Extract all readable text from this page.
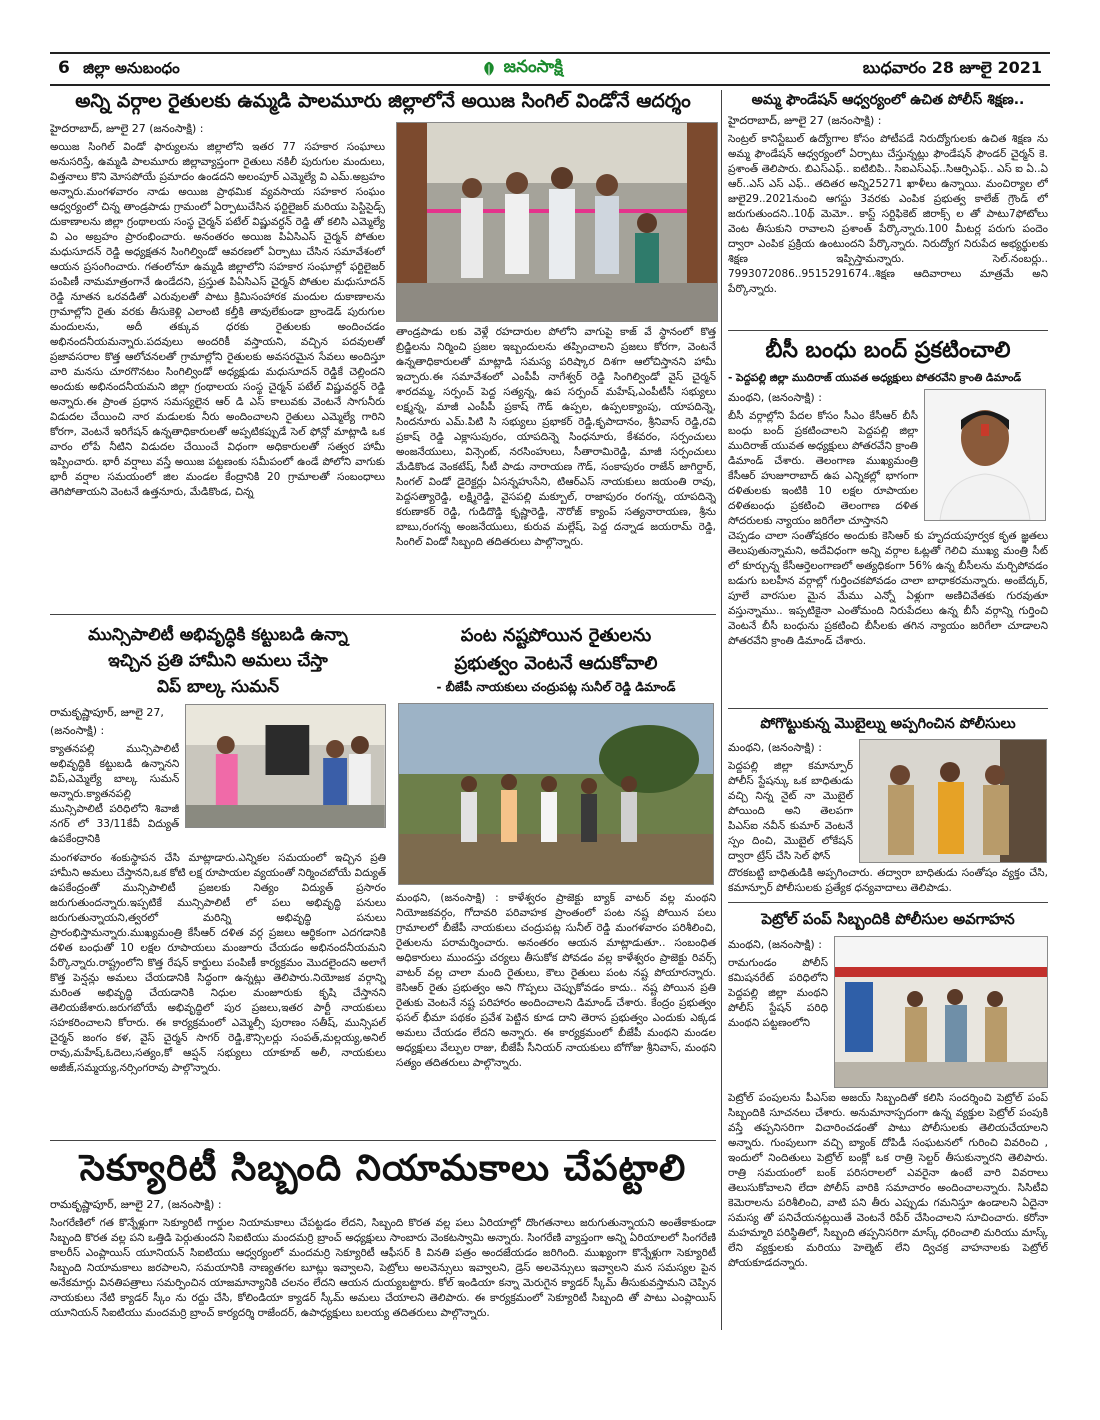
6 జిల్లా అనుబంధం	జనంసాక్షి	బుధవారం 28 జూలై 2021
అన్ని వర్గాల రైతులకు ఉమ్మడి పాలమూరు జిల్లాలోనే అయిజ సింగిల్ విండోనే ఆదర్శం
హైదరాబాద్, జూలై 27 (జనంసాక్షి) :
అయిజ సింగిల్ విండో ఫార్యులను జిల్లాలోని ఇతర 77 సహకార సంఘాలు అనుసరిస్తే, ఉమ్మడి పాలమూరు జిల్లావ్యాప్తంగా రైతులు నకిలీ పురుగుల మందులు, విత్తనాలు కొని మోసపోయే ప్రమాదం ఉండదని అలంపూర్ ఎమ్మెల్యే వి ఎమ్.అబ్రహం అన్నారు.మంగళవారం నాడు అయిజ ప్రాథమిక వ్యవసాయ సహకార సంఘం ఆధ్వర్యంలో చిన్న తాండ్రపాడు గ్రామంలో ఏర్పాటుచేసిన ఫర్టిలైజర్ మరియు పెస్టిసైడ్స్ దుకాణాలను జిల్లా గ్రంథాలయ సంస్థ చైర్మన్ పటేల్ విష్ణువర్ధన్ రెడ్డి తో కలిసి ఎమ్మెల్యే వి ఎం అబ్రహం ప్రారంభించారు. అనంతరం అయిజ పిఏసిఎస్ చైర్మన్ పోతుల మధుసూదన్ రెడ్డి అధ్యక్షతన సింగిల్విండో ఆవరణలో ఏర్పాటు చేసిన సమావేశంలో ఆయన ప్రసంగించారు. గతంలోనూ ఉమ్మడి జిల్లాలోని సహకార సంఘాల్లో ఫర్టిలైజర్ పంపిణీ నామమాత్రంగానే ఉండేదని, ప్రస్తుత పిఏసిఎస్ చైర్మన్ పోతుల మధుసూదన్ రెడ్డి నూతన ఒరవడితో ఎరువులతో పాటు క్రిమిసంహారక మందుల దుకాణాలను గ్రామాల్లోని రైతు వరకు తీసుకెళ్లి ఎలాంటి కల్తీకి తావులేకుండా బ్రాండెడ్ పురుగుల మందులను, అదీ తక్కువ ధరకు రైతులకు అందించడం అభినందనీయమన్నారు.పదవులు అందరికీ వస్తాయని, వచ్చిన పదవులతో ప్రజావసరాల కొత్త ఆలోచనలతో గ్రామాల్లోని రైతులకు అవసరమైన సేవలు అందిస్తూ వారి మనసు చూరగొనటం సింగిల్విండో అధ్యక్షుడు మధుసూదన్ రెడ్డికే చెల్లిందని అందుకు అభినందనీయమని జిల్లా గ్రంథాలయ సంస్థ చైర్మన్ పటేల్ విష్ణువర్ధన్ రెడ్డి అన్నారు.ఈ ప్రాంత ప్రధాన సమస్యలైన ఆర్ డి ఎస్ కాలువకు వెంటనే సాగునీరు విడుదల చేయించి నార మడులకు నీరు అందించాలని రైతులు ఎమ్మెల్యే గారిని కోరగా, వెంటనే ఇరిగేషన్ ఉన్నతాధికారులతో అప్పటికప్పుడే సెల్ ఫోన్లో మాట్లాడి ఒక వారం లోపే నీటిని విడుదల చేయించే విధంగా అధికారులతో సత్వర హామీ ఇప్పించారు. భారీ వర్షాలు వస్తే అయిజ పట్టణంకు సమీపంలో ఉండే పోలోని వాగుకు భారీ వర్షాల సమయంలో జిల మండల కేంద్రానికి 20 గ్రామాలతో సంబంధాలు తెగిపోతాయని వెంటనే ఉత్తనూరు, మేడికొండ, చిన్న
తాండ్రపాడు లకు వెళ్లే రహదారుల పోలోని వాగుపై కాజ్ వే స్థానంలో కొత్త బ్రిడ్జిలను నిర్మించి ప్రజల ఇబ్బందులను తప్పించాలని ప్రజలు కోరగా, వెంటనే ఉన్నతాధికారులతో మాట్లాడి సమస్య పరిష్కార దిశగా ఆలోచిస్తానని హామీ ఇచ్చారు.ఈ సమావేశంలో ఎంపీపీ నాగేశ్వర్ రెడ్డి సింగిల్విండో వైస్ చైర్మన్ శారదమ్మ, సర్పంచ్ పెద్ద సత్యన్న, ఉప సర్పంచ్ మహేష్,ఎంపీటీసీ సభ్యులు లక్ష్మన్న, మాజీ ఎంపీపీ ప్రకాష్ గౌడ్ ఉప్పల, ఉప్పలక్యాంపు, యాపదిన్నె, సిందనూరు ఎమ్.పిటి సి సభ్యులు ప్రభాకర్ రెడ్డి,కృపాదానం, శ్రీనివాస్ రెడ్డి,రవి ప్రకాష్ రెడ్డి ఎక్లాసుపురం, యాపదిన్నె సింధనూరు, కేశవరం, సర్పంచులు అంజనేయులు, విన్సెంట్, నరసింహులు, సీతారామిరెడ్డి, మాజీ సర్పంచులు మేడికొండ వెంకటేష్, సీటీ పాడు నారాయణ గౌడ్, సంకాపురం రాజేన్ జాగిర్దార్, సింగల్ విండో డైరెక్టర్లు ఏసన్నహుసేని, టిఆర్ఎస్ నాయకులు జయంతి రావు, పెద్దసత్యారెడ్డి, లక్ష్మిరెడ్డి, వైసపల్లి మక్బూల్, రాజాపురం రంగన్న, యాపదిన్నె కరుణాకర్ రెడ్డి, గుడిదొడ్డి కృష్ణారెడ్డి, నౌరోజ్ క్యాంప్ సత్యనారాయణ, శ్రీను బాబు,రంగన్న అంజనేయులు, కురువ మల్లేష్, పెద్ద దన్నాడ జయరామ్ రెడ్డి, సింగిల్ విండో సిబ్బంది తదితరులు పాల్గొన్నారు.
మున్సిపాలిటీ అభివృద్ధికి కట్టుబడి ఉన్నా
ఇచ్చిన ప్రతి హామీని అమలు చేస్తా
విప్ బాల్క సుమన్
రామకృష్ణాపూర్, జూలై 27,
(జనంసాక్షి) :
క్యాతనపల్లి మున్సిపాలిటీ అభివృద్ధికి కట్టుబడి ఉన్నానని విప్,ఎమ్మెల్యే బాల్క సుమన్ అన్నారు.క్యాతనపల్లి మున్సిపాలిటీ పరిధిలోని శివాజీ నగర్ లో 33/11కేవీ విద్యుత్ ఉపకేంద్రానికి
మంగళవారం శంకుస్థాపన చేసి మాట్లాడారు.ఎన్నికల సమయంలో ఇచ్చిన ప్రతి హామీని అమలు చేస్తానని,ఒక కోటి లక్ష రూపాయల వ్యయంతో నిర్మించబోయే విద్యుత్ ఉపకేంద్రంతో మున్సిపాలిటీ ప్రజలకు నిత్యం విద్యుత్ ప్రసారం జరుగుతుందన్నారు.ఇప్పటికే మున్సిపాలిటీ లో పలు అభివృద్ధి పనులు జరుగుతున్నాయని,త్వరలో మరిన్ని అభివృద్ధి పనులు ప్రారంభిస్తామన్నారు.ముఖ్యమంత్రి కేసీఆర్ దళిత వర్గ ప్రజలు ఆర్థికంగా ఎదగడానికి దళిత బంధుతో 10 లక్షల రూపాయలు మంజూరు చేయడం అభినందనీయమని పేర్కొన్నారు.రాష్ట్రంలోని కొత్త రేషన్ కార్డులు పంపిణీ కార్యక్రమం మొదలైందని అలాగే కొత్త పెన్షన్లు అమలు చేయడానికి సిద్ధంగా ఉన్నట్లు తెలిపారు.నియోజక వర్గాన్ని మరింత అభివృద్ధి చేయడానికి నిధుల మంజూరుకు కృషి చేస్తానని తెలియజేశారు.జరుగబోయే అభివృద్ధిలో పుర ప్రజలు,ఇతర పార్టీ నాయకులు సహకరించాలని కోరారు. ఈ కార్యక్రమంలో ఎమ్మెల్సీ పురాణం సతీష్, మున్సిపల్ చైర్మన్ జంగం కళ, వైస్ చైర్మన్ సాగర్ రెడ్డి,కౌన్సిలర్లు సంపత్,మల్లయ్య,అనిల్ రావు,మహేష్,ఓదెలు,సత్యం,కో ఆప్షన్ సభ్యులు యాకూబ్ అలీ, నాయకులు అజీజ్,సమ్మయ్య,నర్సింగరావు పాల్గొన్నారు.
పంట నష్టపోయిన రైతులను
ప్రభుత్వం వెంటనే ఆదుకోవాలి
- బీజేపీ నాయకులు చంద్రుపట్ల సునీల్ రెడ్డి డిమాండ్
మంథని, (జనంసాక్షి) : కాళేశ్వరం ప్రాజెక్టు బ్యాక్ వాటర్ వల్ల మంథని నియోజకవర్గం, గోదావరి పరివాహక ప్రాంతంలో పంట నష్ట పోయిన పలు గ్రామాలలో బీజేపీ నాయకులు చంద్రుపట్ల సునీల్ రెడ్డి మంగళవారం పరిశీలించి, రైతులను పరామర్శించారు. అనంతరం ఆయన మాట్లాడుతూ.. సంబంధిత అధికారులు ముందస్తు చర్యలు తీసుకోక పోవడం వల్ల కాళేశ్వరం ప్రాజెక్టు రివర్స్ వాటర్ వల్ల చాలా మంది రైతులు, కౌలు రైతులు పంట నష్ట పోయారన్నారు. కెసిఆర్ రైతు ప్రభుత్వం అని గొప్పలు చెప్పుకోవడం కాదు.. నష్ట పోయిన ప్రతి రైతుకు వెంటనే నష్ట పరిహారం అందించాలని డిమాండ్ చేశారు. కేంద్రం ప్రభుత్వం ఫసల్ భీమా పథకం ప్రవేశ పెట్టిన కూడ దాని తెరాస ప్రభుత్వం ఎందుకు ఎక్కడ అమలు చేయడం లేదని అన్నారు. ఈ కార్యక్రమంలో బీజేపీ మంథని మండల అధ్యక్షులు వేల్పుల రాజు, బీజేపీ సీనియర్ నాయకులు బోగోజు శ్రీనివాస్, మంథని సత్యం తదితరులు పాల్గొన్నారు.
సెక్యూరిటీ సిబ్బంది నియామకాలు చేపట్టాలి
రామకృష్ణాపూర్, జూలై 27, (జనంసాక్షి) :
సింగరేణిలో గత కొన్నేళ్లుగా సెక్యూరిటీ గార్డుల నియామకాలు చేపట్టడం లేదని, సిబ్బంది కొరత వల్ల పలు ఏరియాల్లో దొంగతనాలు జరుగుతున్నాయని అంతేకాకుండా సిబ్బంది కొరత వల్ల పని ఒత్తిడి పెర్గుతుందని సిఐటియు మందమర్రి బ్రాంచ్ అధ్యక్షులు సాంబారు వెంకటస్వామి అన్నారు. సింగరేణి వ్యాప్తంగా అన్ని ఏరియాలలో సింగరేణి కాలరీస్ ఎంప్లాయిస్ యూనియన్ సిఐటియు ఆధ్వర్యంలో మందమర్రి సెక్యూరిటీ ఆఫీసర్ కి వినతి పత్రం అందజేయడం జరిగింది. ముఖ్యంగా కొన్నేళ్లుగా సెక్యూరిటీ సిబ్బంది నియామకాలు జరపాలని, సమయానికి నాణ్యతగల బూట్లు ఇవ్వాలని, పెట్రోలు అలవెన్సులు ఇవ్వాలని, డ్రెస్ అలవెన్సులు ఇవ్వాలని మన సమస్యల పైన అనేకమార్లు వినతిపత్రాలు సమర్పించిన యాజమాన్యానికి చలనం లేదని ఆయన దుయ్యబట్టారు. కోల్ ఇండియా కన్నా మెరుగైన క్యాడర్ స్కీమ్ తీసుకువస్తామని చెప్పిన నాయకులు నేటి క్యాడర్ స్కీం ను రద్దు చేసి, కోలిండియా క్యాడర్ స్కీమ్ అమలు చేయాలని తెలిపారు. ఈ కార్యక్రమంలో సెక్యూరిటీ సిబ్బంది తో పాటు ఎంప్లాయిస్ యూనియన్ సిఐటియు మందమర్రి బ్రాంచ్ కార్యదర్శి రాజేందర్, ఉపాధ్యక్షులు బలయ్య తదితరులు పాల్గొన్నారు.
అమ్మ ఫౌండేషన్ ఆధ్వర్యంలో ఉచిత పోలీస్ శిక్షణ..
హైదరాబాద్, జూలై 27 (జనంసాక్షి) :
సెంట్రల్ కానిస్టేబుల్ ఉద్యోగాల కోసం పోటీపడే నిరుద్యోగులకు ఉచిత శిక్షణ ను అమ్మ ఫౌండేషన్ ఆధ్వర్యంలో ఏర్పాటు చేస్తున్నట్లు ఫౌండేషన్ ఫౌండర్ చైర్మన్ కె. ప్రశాంత్ తెలిపారు. బిఎస్ఎఫ్.. ఐటిబిపి.. సిఐఎస్ఎఫ్..సిఆర్పిఎఫ్.. ఎస్ ఐ ఏ..ఏ ఆర్..ఎస్ ఎస్ ఎఫ్.. తదితర అన్ని25271 ఖాళీలు ఉన్నాయి. మంచిర్యాల లో జులై29..2021నుంచి ఆగస్టు 3వరకు ఎంపిక ప్రభుత్వ కాలేజ్ గ్రౌండ్ లో జరుగుతుందని..10థ్ మెమో.. కాస్ట్ సర్టిఫికెట్ జిరాక్స్ ల తో పాటు7ఫోటోలు వెంట తీసుకుని రావాలని ప్రశాంత్ పేర్కొన్నారు.100 మీటర్ల పరుగు పందెం ద్వారా ఎంపిక ప్రక్రియ ఉంటుందని పేర్కొన్నారు. నిరుద్యోగ నిరుపేద అభ్యర్థులకు శిక్షణ ఇప్పిస్తామన్నారు. సెల్.నంబర్లు.. 7993072086..9515291674..శిక్షణ ఆదివారాలు మాత్రమే అని పేర్కొన్నారు.
బీసీ బంధు బంద్ ప్రకటించాలి
- పెద్దపల్లి జిల్లా ముదిరాజ్ యువత అధ్యక్షులు పోతరవేని క్రాంతి డిమాండ్
మంథని, (జనంసాక్షి) :
బీసీ వర్గాల్లోని పేదల కోసం సీఎం కేసీఆర్ బీసీ బంధు బంద్ ప్రకటించాలని పెద్దపల్లి జిల్లా ముదిరాజ్ యువత అధ్యక్షులు పోతరవేని క్రాంతి డిమాండ్ చేశారు. తెలంగాణ ముఖ్యమంత్రి కేసీఆర్ హుజూరాబాద్ ఉప ఎన్నికల్లో భాగంగా దళితులకు ఇంటికి 10 లక్షల రూపాయల దళితబంధు ప్రకటించి తెలంగాణ దళిత సోదరులకు న్యాయం జరిగేలా చూస్తానని
చెప్పడం చాలా సంతోషకరం అందుకు కెసిఆర్ కు హృదయపూర్వక కృత జ్ఞతలు తెలుపుతున్నామని, అదేవిధంగా అన్ని వర్గాల ఓట్లతో గెలిచి ముఖ్య మంత్రి సీట్ లో కూర్చున్న కేసీఆర్తెలంగాణలో అత్యధికంగా 56% ఉన్న బీసీలను మర్చిపోవడం బడుగు బలహీన వర్గాల్లో గుర్తించకపోవడం చాలా బాధాకరమన్నారు. అంబేద్కర్, పూలే వారసుల మైన మేము ఎన్నో ఏళ్లుగా అణిచివేతకు గురవుతూ వస్తున్నాము.. ఇప్పటికైనా ఎంతోమంది నిరుపేదలు ఉన్న బీసీ వర్గాన్ని గుర్తించి వెంటనే బీసీ బంధును ప్రకటించి బీసీలకు తగిన న్యాయం జరిగేలా చూడాలని పోతరవేని క్రాంతి డిమాండ్ చేశారు.
పోగొట్టుకున్న మొబైల్ను అప్పగించిన పోలీసులు
మంథని, (జనంసాక్షి) :
పెద్దపల్లి జిల్లా కమాన్పూర్ పోలీస్ స్టేషన్కు ఒక బాధితుడు వచ్చి నిన్న నైట్ నా మొబైల్ పోయింది అని తెలపగా పిఎస్ఐ నవీన్ కుమార్ వెంటనే స్పం దించి, మొబైల్ లోకేషన్ ద్వారా ట్రేస్ చేసి సెల్ ఫోన్
దొరకబట్టి బాధితుడికి అప్పగించారు. తద్వారా బాధితుడు సంతోషం వ్యక్తం చేసి, కమాన్పూర్ పోలీసులకు ప్రత్యేక ధన్యవాదాలు తెలిపాడు.
పెట్రోల్ పంప్ సిబ్బందికి పోలీసుల అవగాహన
మంథని, (జనంసాక్షి) :
రామగుండం పోలీస్ కమిషనరేట్ పరిధిలోని పెద్దపల్లి జిల్లా మంథని పోలీస్ స్టేషన్ పరిధి మంథని పట్టణంలోని
పెట్రోల్ పంపులను పీఎస్ఐ అజయ్ సిబ్బందితో కలిసి సందర్శించి పెట్రోల్ పంప్ సిబ్బందికి సూచనలు చేశారు. అనుమానాస్పదంగా ఉన్న వ్యక్తుల పెట్రోల్ పంపుకి వస్తే తప్పనిసరిగా విచారించడంతో పాటు పోలీసులకు తెలియచేయాలని అన్నారు. గుంపులుగా వచ్చి బ్యాంక్ దోపిడీ సంఘటనలో గురించి వివరించి , ఇందులో నిందితులు పెట్రోల్ బంక్లో ఒక రాత్రి సెల్టర్ తీసుకున్నారని తెలిపారు. రాత్రి సమయంలో బంక్ పరిసరాలలో ఎవరైనా ఉంటే వారి వివరాలు తెలుసుకోవాలని లేదా పోలీస్ వారికి సమాచారం అందించాలన్నారు. సిసిటీవి కెమెరాలను పరిశీలించి, వాటి పని తీరు ఎప్పుడు గమనిస్తూ ఉండాలని ఏదైనా సమస్య తో పనిచేయనట్లయితే వెంటనే రిపేర్ చేసించాలని సూచించారు. కరోనా మహమ్మారి పరిస్థితిలో, సిబ్బంది తప్పనిసరిగా మాస్క్ ధరించాలి మరియు మాస్క్ లేని వ్యక్తులకు మరియు హెల్మెట్ లేని ద్విచక్ర వాహనాలకు పెట్రోల్ పోయకూడదన్నారు.
